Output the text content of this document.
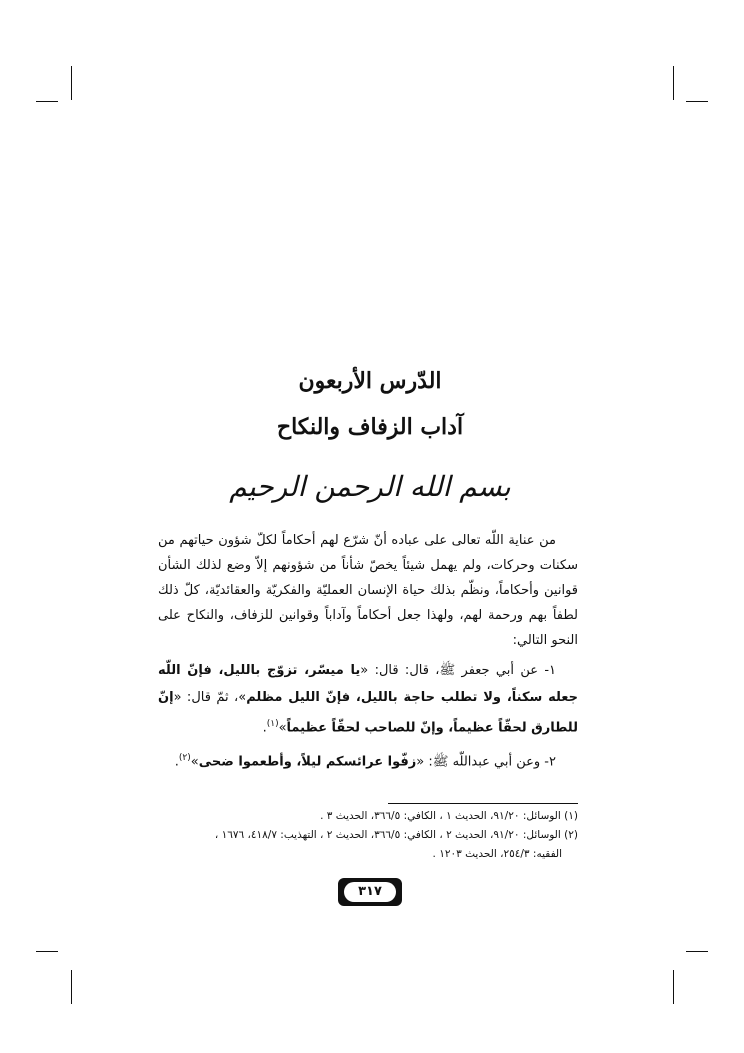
الدّرس الأربعون
آداب الزفاف والنكاح
بسم الله الرحمن الرحيم

من عناية اللّه تعالى على عباده أنّ شرّع لهم أحكاماً لكلّ شؤون حياتهم من سكنات وحركات، ولم يهمل شيئاً يخصّ شأناً من شؤونهم إلاّ وضع لذلك الشأن قوانين وأحكاماً، ونظّم بذلك حياة الإنسان العمليّة والفكريّة والعقائديّة، كلّ ذلك لطفاً بهم ورحمة لهم، ولهذا جعل أحكاماً وآداباً وقوانين للزفاف، والنكاح على النحو التالي:

١- عن أبي جعفر ﷺ، قال: قال: «يا ميسّر، تزوّج بالليل، فإنّ اللّه جعله سكناً، ولا تطلب حاجة بالليل، فإنّ الليل مظلم»، ثمّ قال: «إنّ للطارق لحقّاً عظيماً، وإنّ للصاحب لحقّاً عظيماً»$^{(١)}$.

٢- وعن أبي عبداللّه ﷺ: «زفّوا عرائسكم ليلاً، وأطعموا ضحى»$^{(٢)}$.

(١) الوسائل: ٩١/٢٠، الحديث ١ ، الكافي: ٣٦٦/٥، الحديث ٣ .

(٢) الوسائل: ٩١/٢٠، الحديث ٢ ، الكافي: ٣٦٦/٥، الحديث ٢ ، التهذيب: ٤١٨/٧، ١٦٧٦ ،

الفقيه: ٢٥٤/٣، الحديث ١٢٠٣ .

٣١٧
